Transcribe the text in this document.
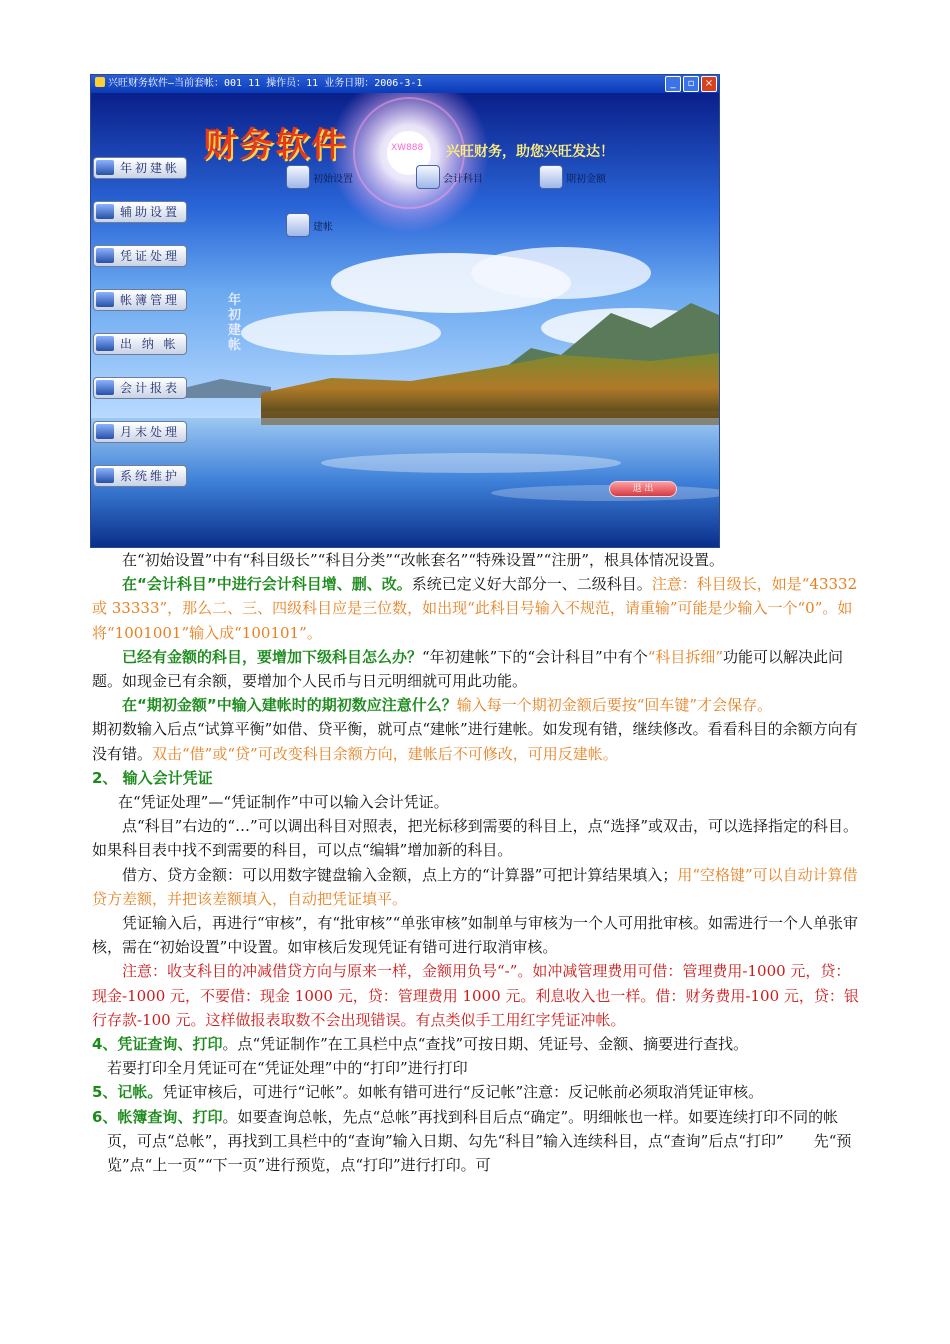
兴旺财务软件—当前套帐：001 11 操作员：11 业务日期：2006-3-1	_	▫	×
财务软件	XW888 兴旺财务，助您兴旺发达！
年初建帐
辅助设置
凭证处理
帐簿管理
出 纳 帐
会计报表
月末处理
系统维护
初始设置	会计科目	期初金额
建帐
年初建帐
退 出

在“初始设置”中有“科目级长”“科目分类”“改帐套名”“特殊设置”“注册”，根具体情况设置。

在“会计科目”中进行会计科目增、删、改。系统已定义好大部分一、二级科目。注意：科目级长，如是“43332 或 33333”，那么二、三、四级科目应是三位数，如出现“此科目号输入不规范，请重输”可能是少输入一个“0”。如将“1001001”输入成“100101”。

已经有金额的科目，要增加下级科目怎么办？“年初建帐”下的“会计科目”中有个“科目拆细”功能可以解决此问题。如现金已有余额，要增加个人民币与日元明细就可用此功能。

在“期初金额”中输入建帐时的期初数应注意什么？输入每一个期初金额后要按“回车键”才会保存。

期初数输入后点“试算平衡”如借、贷平衡，就可点“建帐”进行建帐。如发现有错，继续修改。看看科目的余额方向有没有错。双击“借”或“贷”可改变科目余额方向，建帐后不可修改，可用反建帐。

2、 输入会计凭证

在“凭证处理”—“凭证制作”中可以输入会计凭证。

点“科目”右边的“…”可以调出科目对照表，把光标移到需要的科目上，点“选择”或双击，可以选择指定的科目。如果科目表中找不到需要的科目，可以点“编辑”增加新的科目。

借方、贷方金额：可以用数字键盘输入金额，点上方的“计算器”可把计算结果填入；用“空格键”可以自动计算借贷方差额，并把该差额填入，自动把凭证填平。

凭证输入后，再进行“审核”，有“批审核”“单张审核”如制单与审核为一个人可用批审核。如需进行一个人单张审核，需在“初始设置”中设置。如审核后发现凭证有错可进行取消审核。

注意：收支科目的冲减借贷方向与原来一样，金额用负号“-”。如冲减管理费用可借：管理费用-1000 元，贷：现金-1000 元，不要借：现金 1000 元，贷：管理费用 1000 元。利息收入也一样。借：财务费用-100 元，贷：银行存款-100 元。这样做报表取数不会出现错误。有点类似手工用红字凭证冲帐。

4、凭证查询、打印。点“凭证制作”在工具栏中点“查找”可按日期、凭证号、金额、摘要进行查找。

若要打印全月凭证可在“凭证处理”中的“打印”进行打印

5、记帐。凭证审核后，可进行“记帐”。如帐有错可进行“反记帐”注意：反记帐前必须取消凭证审核。

6、帐簿查询、打印。如要查询总帐，先点“总帐”再找到科目后点“确定”。明细帐也一样。如要连续打印不同的帐页，可点“总帐”，再找到工具栏中的“查询”输入日期、勾先“科目”输入连续科目，点“查询”后点“打印”　　先“预览”点“上一页”“下一页”进行预览，点“打印”进行打印。可
